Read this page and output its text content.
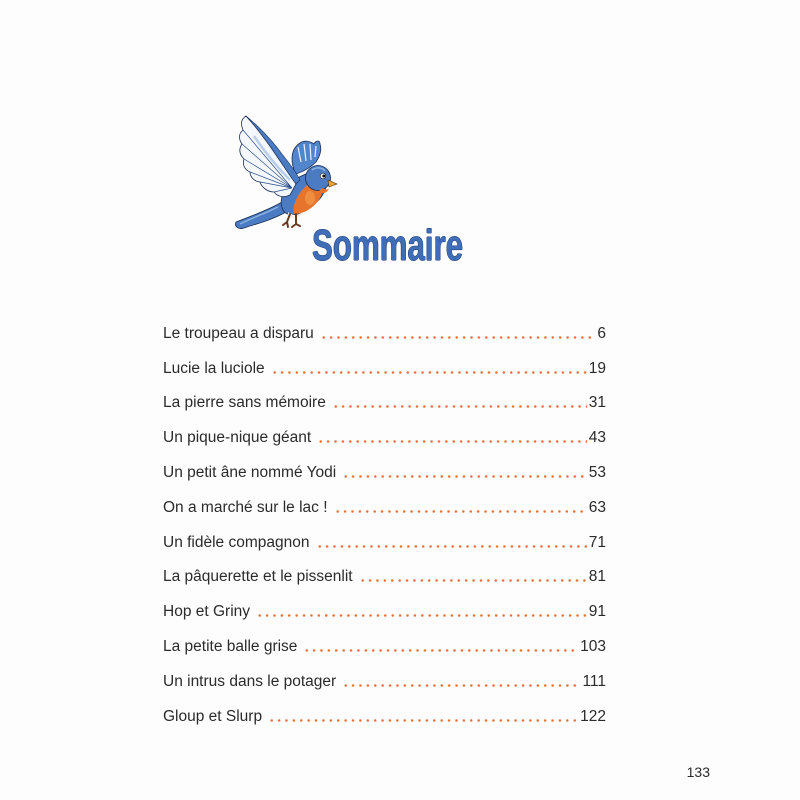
Sommaire
Le troupeau a disparu	6
Lucie la luciole	19
La pierre sans mémoire	31
Un pique-nique géant	43
Un petit âne nommé Yodi	53
On a marché sur le lac !	63
Un fidèle compagnon	71
La pâquerette et le pissenlit	81
Hop et Griny	91
La petite balle grise	103
Un intrus dans le potager	111
Gloup et Slurp	122
133
